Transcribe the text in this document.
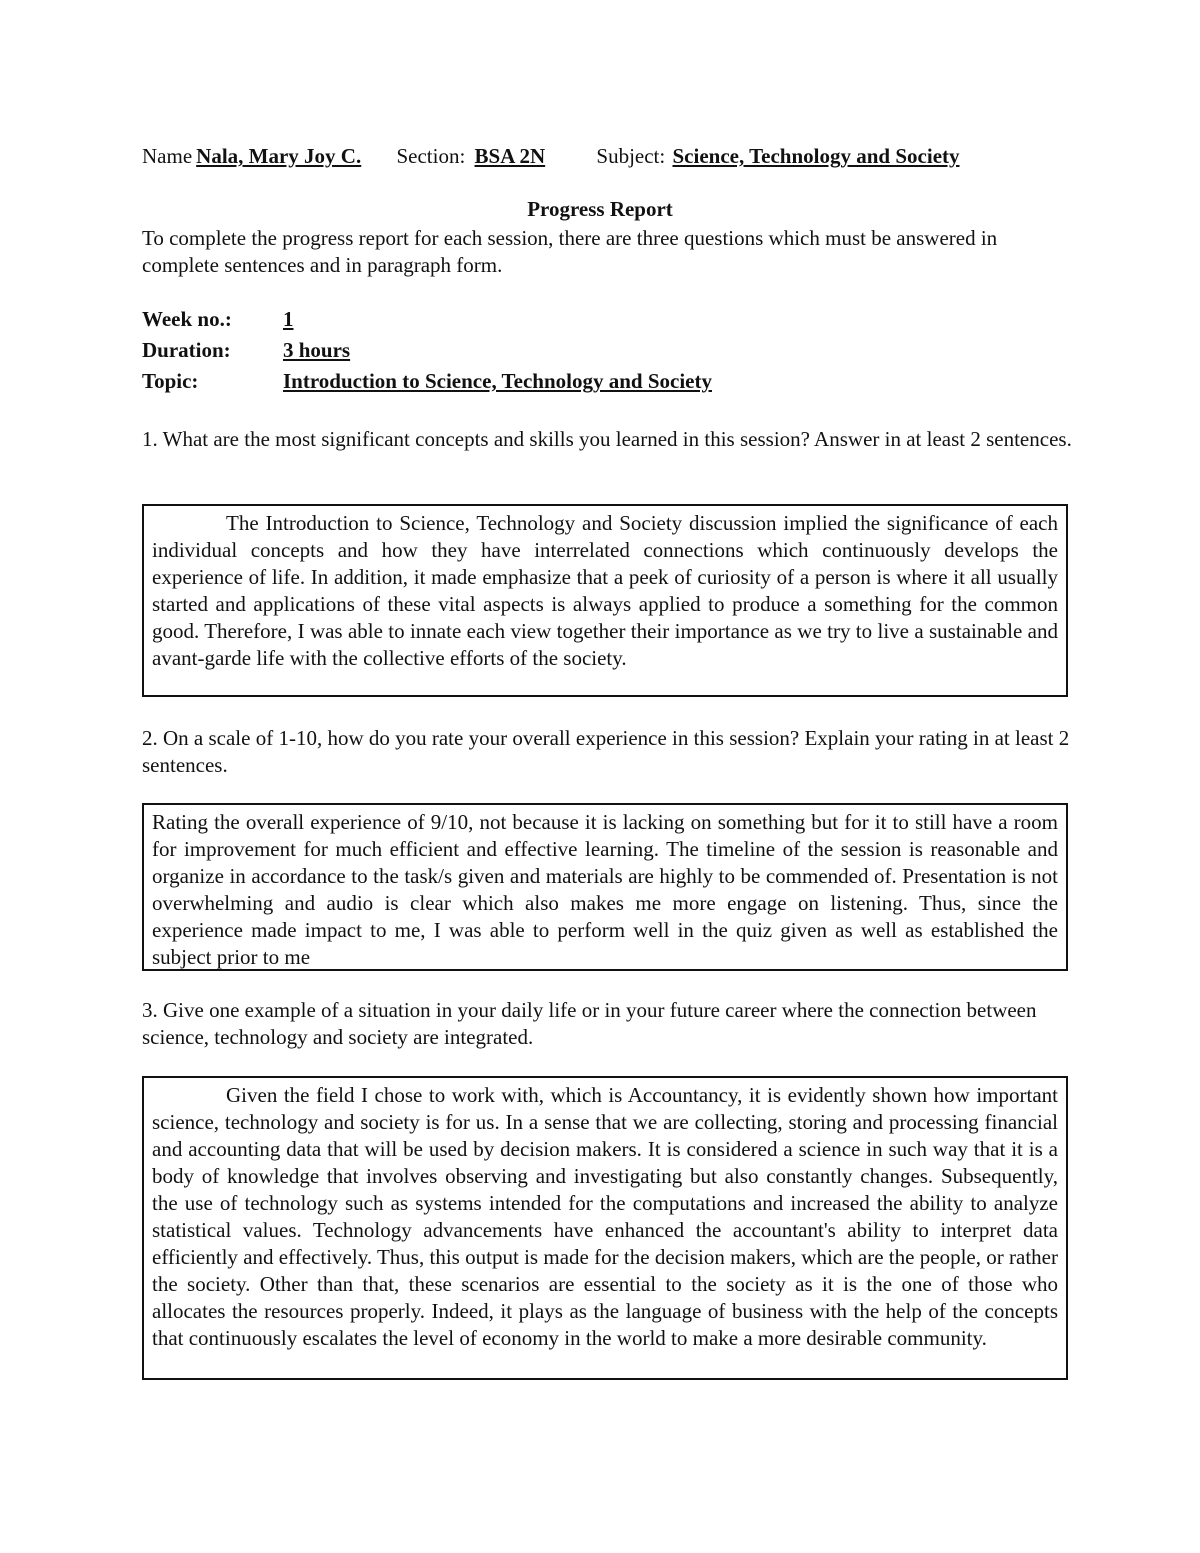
Name Nala, Mary Joy C. Section: BSA 2N Subject: Science, Technology and Society
Progress Report
To complete the progress report for each session, there are three questions which must be answered in complete sentences and in paragraph form.
Week no.: 1
Duration: 3 hours
Topic:	Introduction to Science, Technology and Society
1. What are the most significant concepts and skills you learned in this session? Answer in at least 2 sentences.

The Introduction to Science, Technology and Society discussion implied the significance of each individual concepts and how they have interrelated connections which continuously develops the experience of life. In addition, it made emphasize that a peek of curiosity of a person is where it all usually started and applications of these vital aspects is always applied to produce a something for the common good. Therefore, I was able to innate each view together their importance as we try to live a sustainable and avant-garde life with the collective efforts of the society.

2. On a scale of 1-10, how do you rate your overall experience in this session? Explain your rating in at least 2 sentences.

Rating the overall experience of 9/10, not because it is lacking on something but for it to still have a room for improvement for much efficient and effective learning. The timeline of the session is reasonable and organize in accordance to the task/s given and materials are highly to be commended of. Presentation is not overwhelming and audio is clear which also makes me more engage on listening. Thus, since the experience made impact to me, I was able to perform well in the quiz given as well as established the subject prior to me

3. Give one example of a situation in your daily life or in your future career where the connection between science, technology and society are integrated.

Given the field I chose to work with, which is Accountancy, it is evidently shown how important science, technology and society is for us. In a sense that we are collecting, storing and processing financial and accounting data that will be used by decision makers. It is considered a science in such way that it is a body of knowledge that involves observing and investigating but also constantly changes. Subsequently, the use of technology such as systems intended for the computations and increased the ability to analyze statistical values. Technology advancements have enhanced the accountant's ability to interpret data efficiently and effectively. Thus, this output is made for the decision makers, which are the people, or rather the society. Other than that, these scenarios are essential to the society as it is the one of those who allocates the resources properly. Indeed, it plays as the language of business with the help of the concepts that continuously escalates the level of economy in the world to make a more desirable community.
